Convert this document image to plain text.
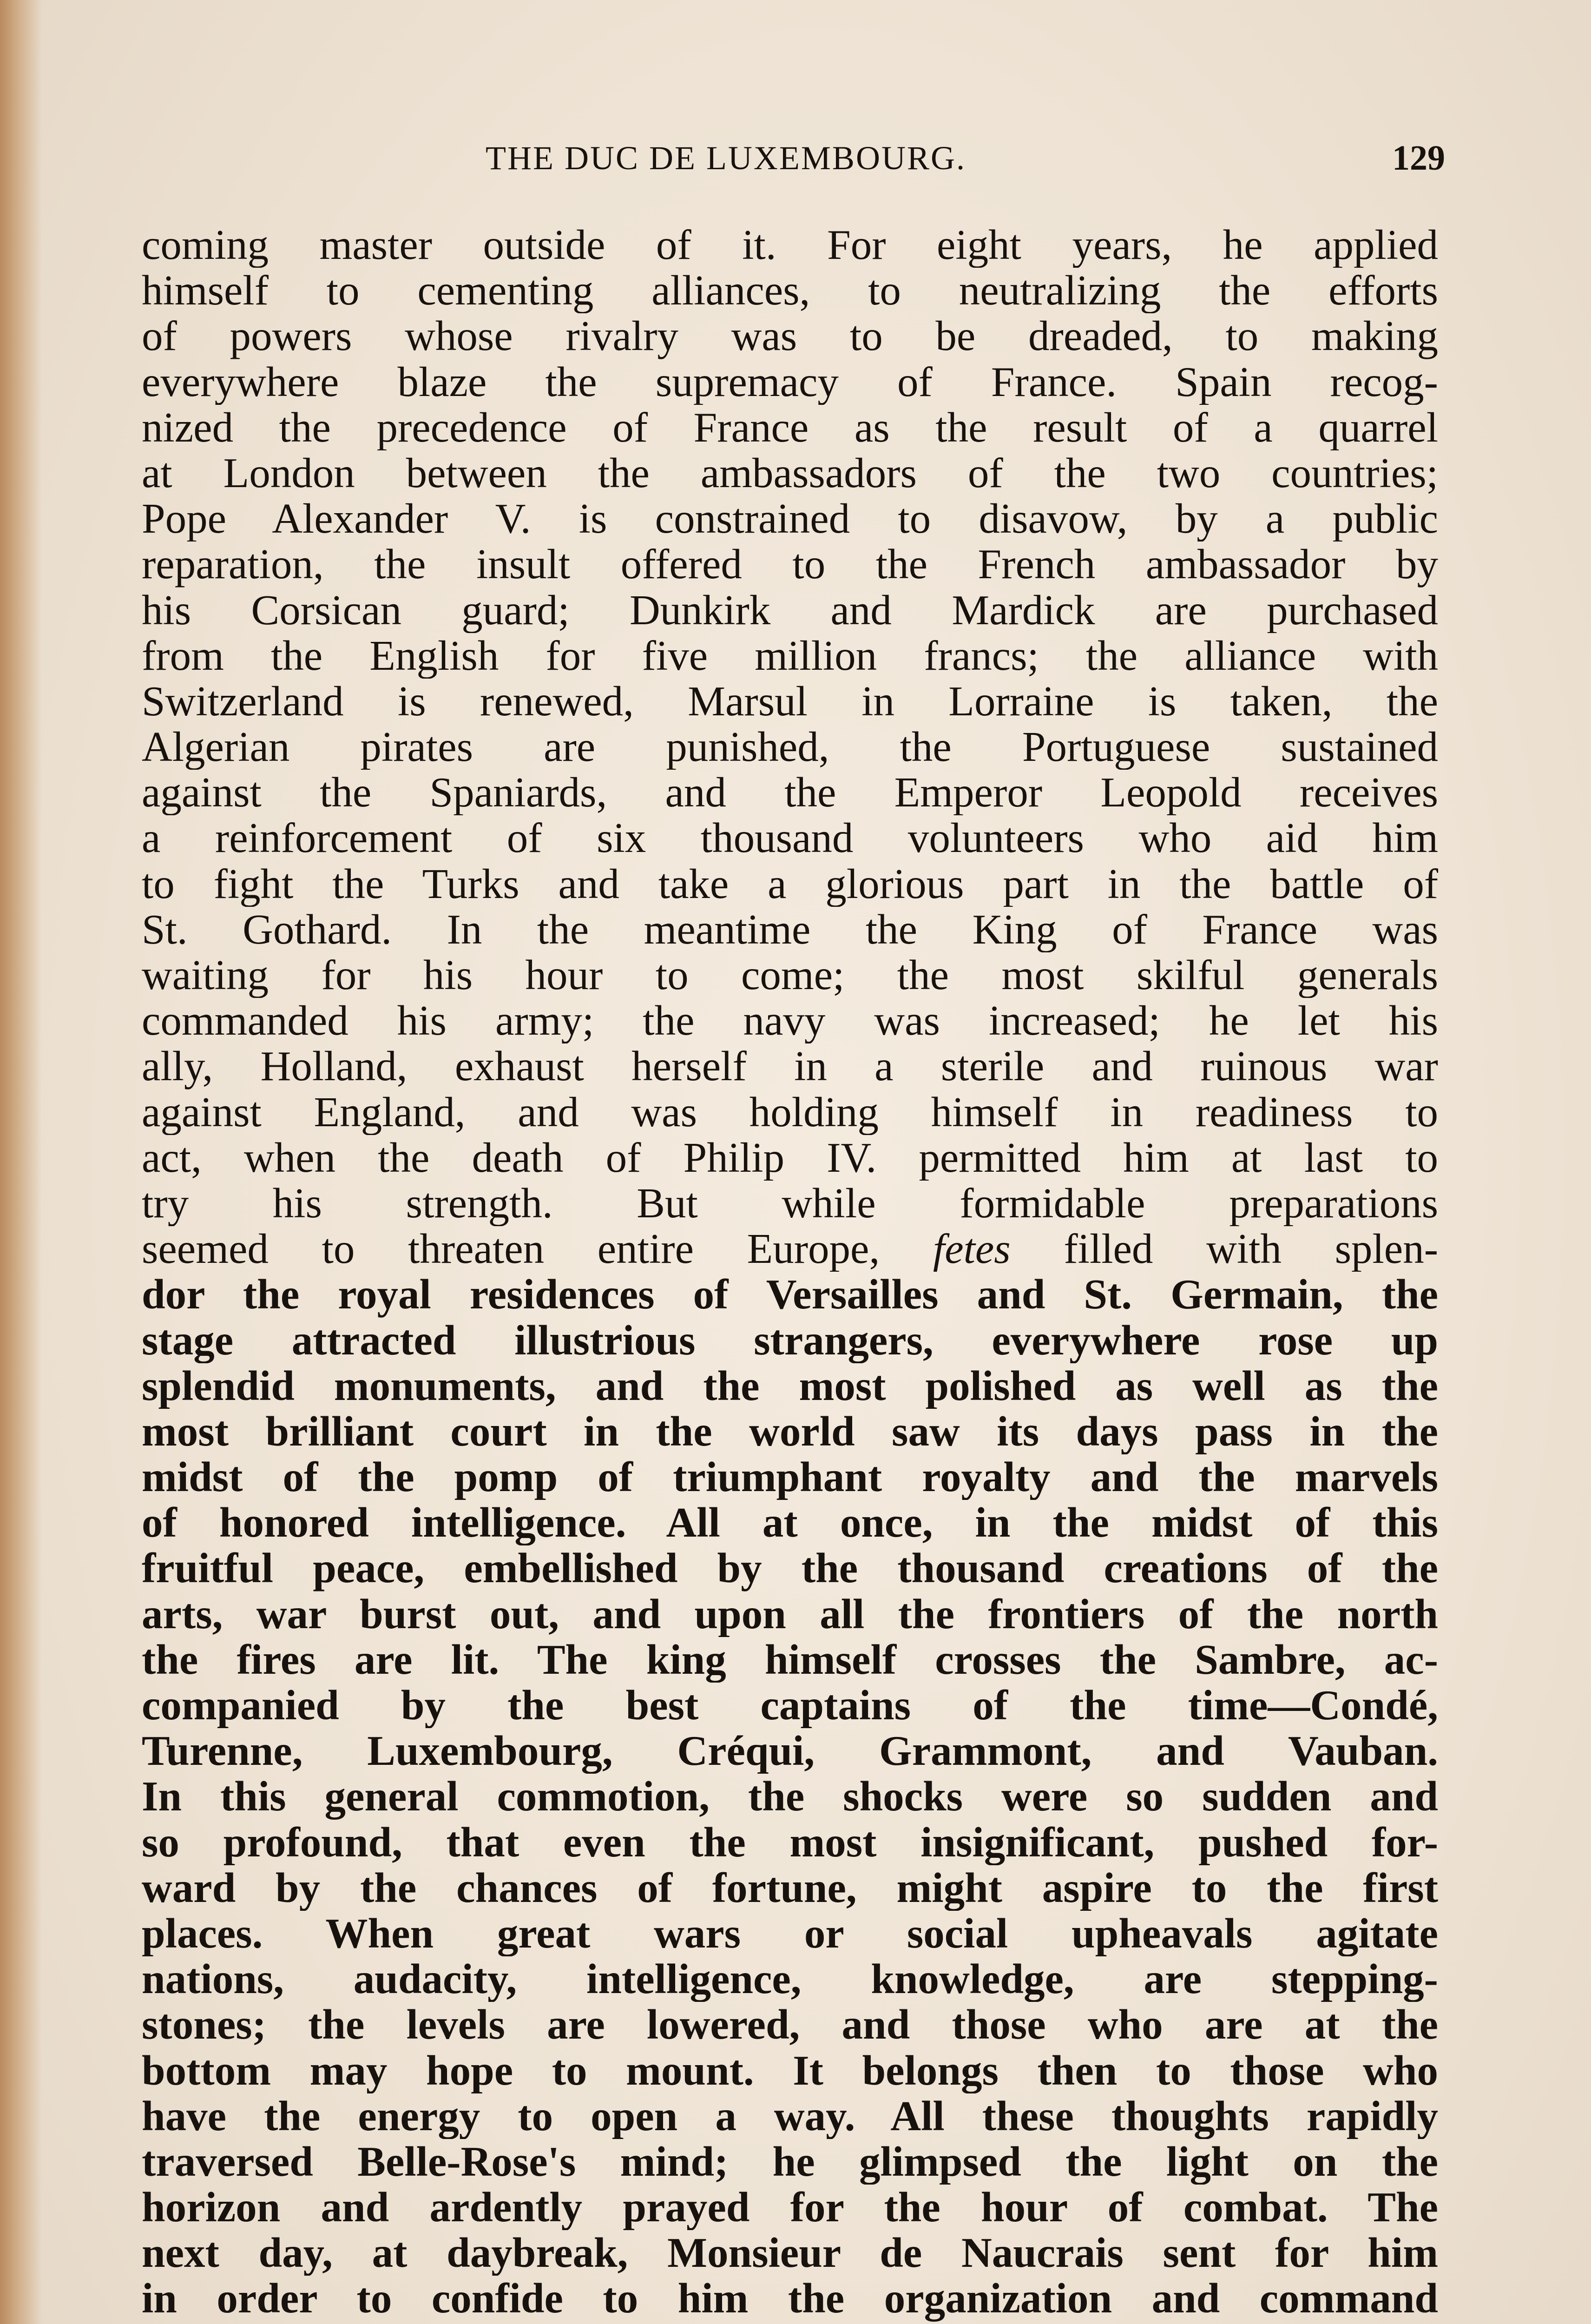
THE DUC DE LUXEMBOURG.	129
coming master outside of it. For eight years, he applied
himself to cementing alliances, to neutralizing the efforts
of powers whose rivalry was to be dreaded, to making
everywhere blaze the supremacy of France. Spain recog-
nized the precedence of France as the result of a quarrel
at London between the ambassadors of the two countries;
Pope Alexander V. is constrained to disavow, by a public
reparation, the insult offered to the French ambassador by
his Corsican guard; Dunkirk and Mardick are purchased
from the English for five million francs; the alliance with
Switzerland is renewed, Marsul in Lorraine is taken, the
Algerian pirates are punished, the Portuguese sustained
against the Spaniards, and the Emperor Leopold receives
a reinforcement of six thousand volunteers who aid him
to fight the Turks and take a glorious part in the battle of
St. Gothard. In the meantime the King of France was
waiting for his hour to come; the most skilful generals
commanded his army; the navy was increased; he let his
ally, Holland, exhaust herself in a sterile and ruinous war
against England, and was holding himself in readiness to
act, when the death of Philip IV. permitted him at last to
try his strength. But while formidable preparations
seemed to threaten entire Europe, fetes filled with splen-
dor the royal residences of Versailles and St. Germain, the
stage attracted illustrious strangers, everywhere rose up
splendid monuments, and the most polished as well as the
most brilliant court in the world saw its days pass in the
midst of the pomp of triumphant royalty and the marvels
of honored intelligence. All at once, in the midst of this
fruitful peace, embellished by the thousand creations of the
arts, war burst out, and upon all the frontiers of the north
the fires are lit. The king himself crosses the Sambre, ac-
companied by the best captains of the time—Condé,
Turenne, Luxembourg, Créqui, Grammont, and Vauban.
In this general commotion, the shocks were so sudden and
so profound, that even the most insignificant, pushed for-
ward by the chances of fortune, might aspire to the first
places. When great wars or social upheavals agitate
nations, audacity, intelligence, knowledge, are stepping-
stones; the levels are lowered, and those who are at the
bottom may hope to mount. It belongs then to those who
have the energy to open a way. All these thoughts rapidly
traversed Belle-Rose's mind; he glimpsed the light on the
horizon and ardently prayed for the hour of combat. The
next day, at daybreak, Monsieur de Naucrais sent for him
in order to confide to him the organization and command
